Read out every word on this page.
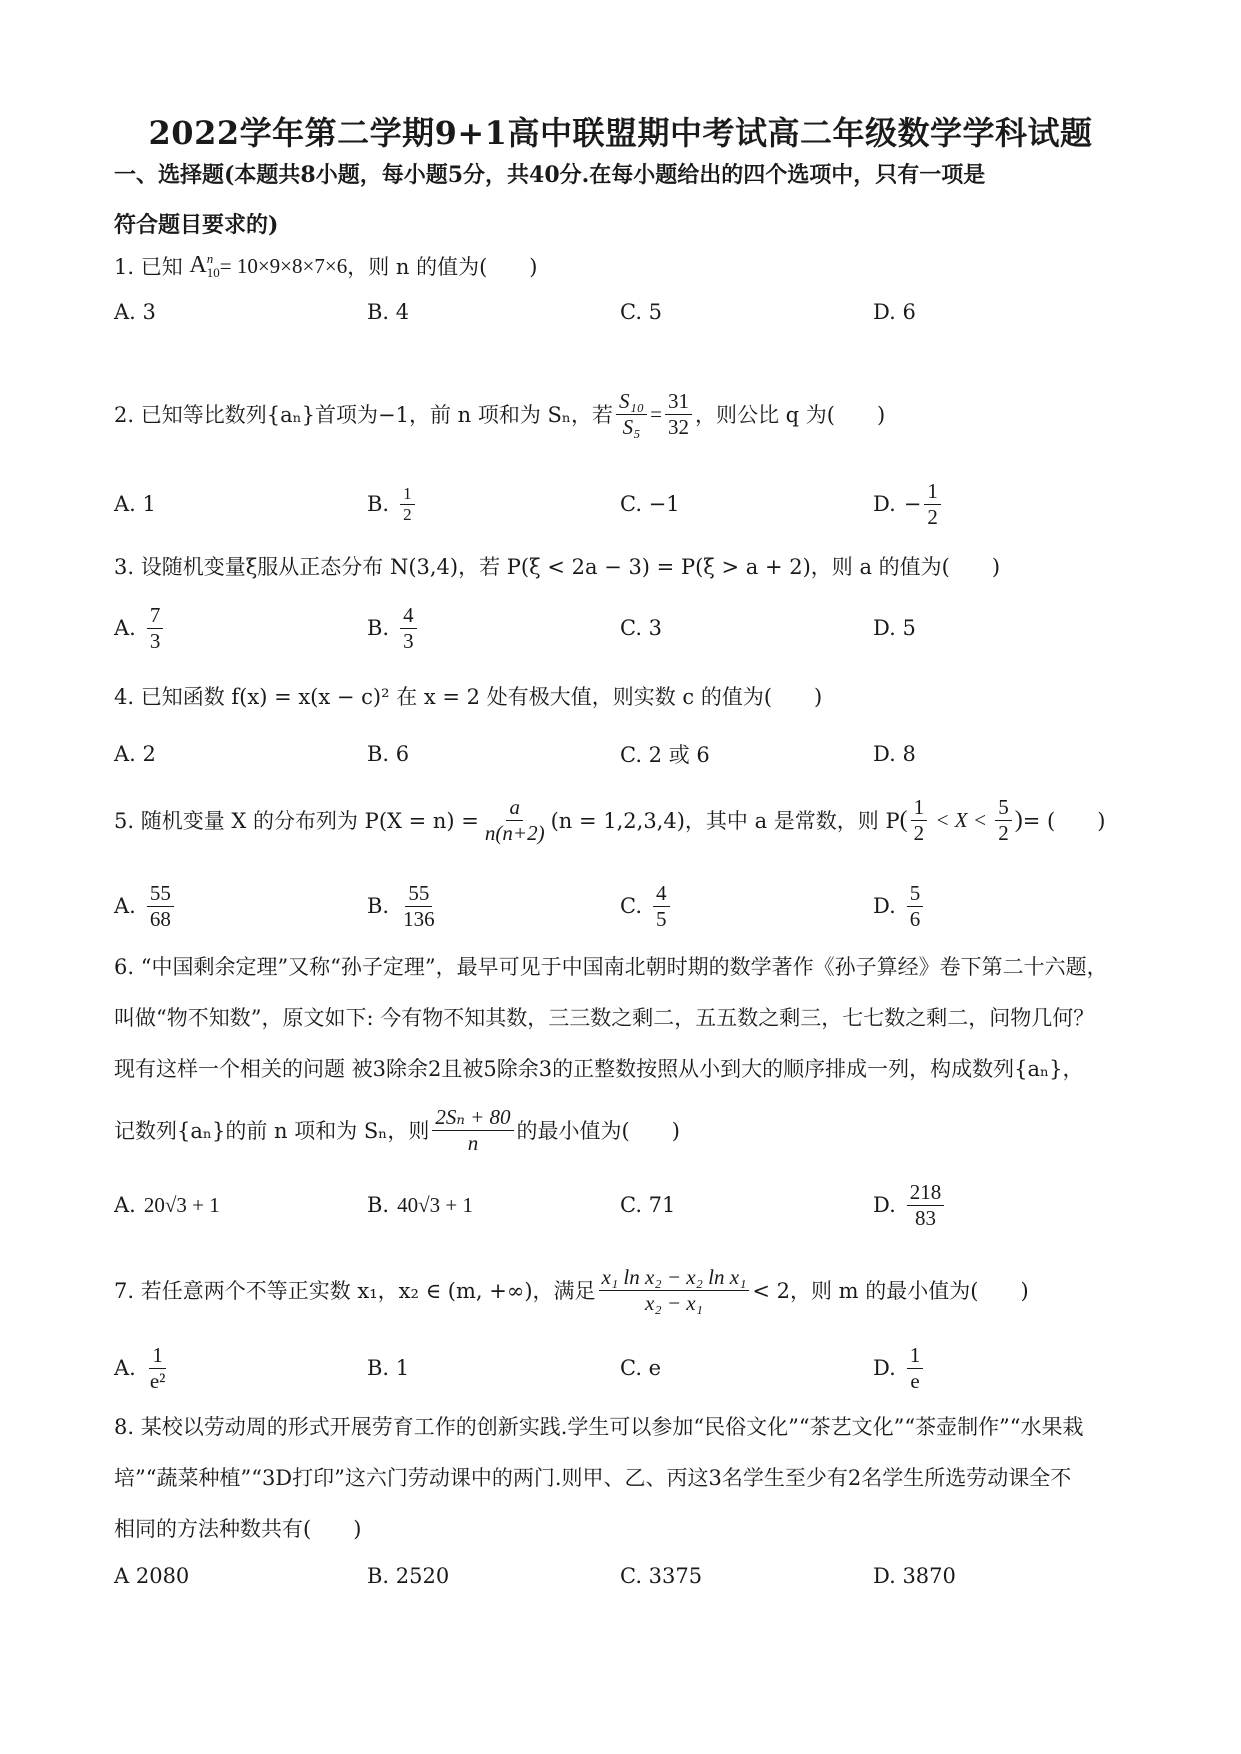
2022学年第二学期9+1高中联盟期中考试高二年级数学学科试题
一、选择题(本题共8小题，每小题5分，共40分.在每小题给出的四个选项中，只有一项是
符合题目要求的)
1. 已知
A n
10 = 10×9×8×7×6 ，则 n 的值为(　　)
A. 3	B. 4	C. 5	D. 6
2. 已知等比数列{aₙ}首项为−1，前 n 项和为 Sₙ，若 $\frac{\text{S₁₀}}{\text{S₅}} = \frac{31}{32}$ ，则公比 q 为(　　)
A. 1	B. $\frac{1}{2}$	C. −1	D. − $\frac{1}{2}$
3. 设随机变量ξ服从正态分布 N(3,4)，若 P(ξ < 2a − 3) = P(ξ > a + 2)，则 a 的值为(　　)
A. $\frac{7}{3}$	B. $\frac{4}{3}$	C. 3	D. 5
4. 已知函数 f(x) = x(x − c)² 在 x = 2 处有极大值，则实数 c 的值为(　　)
A. 2	B. 6	C. 2 或 6	D. 8
5. 随机变量 X 的分布列为 $P(X = n) = \frac{a}{n(n+2)} (n = 1,2,3,4)$，其中 a 是常数，则 P ( $\frac{1}{2} < X < \frac{5}{2}$ ) = (　　)
A. $\frac{55}{68}$	B. $\frac{55}{136}$	C. $\frac{4}{5}$	D. $\frac{5}{6}$
6. “中国剩余定理”又称“孙子定理”，最早可见于中国南北朝时期的数学著作《孙子算经》卷下第二十六题，
叫做“物不知数”，原文如下: 今有物不知其数，三三数之剩二，五五数之剩三，七七数之剩二，问物几何？
现有这样一个相关的问题 被3除余2且被5除余3的正整数按照从小到大的顺序排成一列，构成数列{aₙ}，
记数列{aₙ}的前 n 项和为 Sₙ，则 $\frac{\text{2Sₙ + 80}}{n}$ 的最小值为(　　)
A. 20√3 + 1	B. 40√3 + 1	C. 71	D. $\frac{218}{83}$
7. 若任意两个不等正实数 x₁，x₂ ∈ (m, +∞)，满足 $\frac{\text{x₁ ln x₂ − x₂ ln x₁}}{\text{x₂ − x₁}} < 2$，则 m 的最小值为(　　)
A. $\frac{1}{\text{e²}}$	B. 1	C. e	D. $\frac{1}{e}$
8. 某校以劳动周的形式开展劳育工作的创新实践.学生可以参加“民俗文化”“茶艺文化”“茶壶制作”“水果栽
培”“蔬菜种植”“3D打印”这六门劳动课中的两门.则甲、乙、丙这3名学生至少有2名学生所选劳动课全不
相同的方法种数共有(　　)
A 2080	B. 2520	C. 3375	D. 3870
